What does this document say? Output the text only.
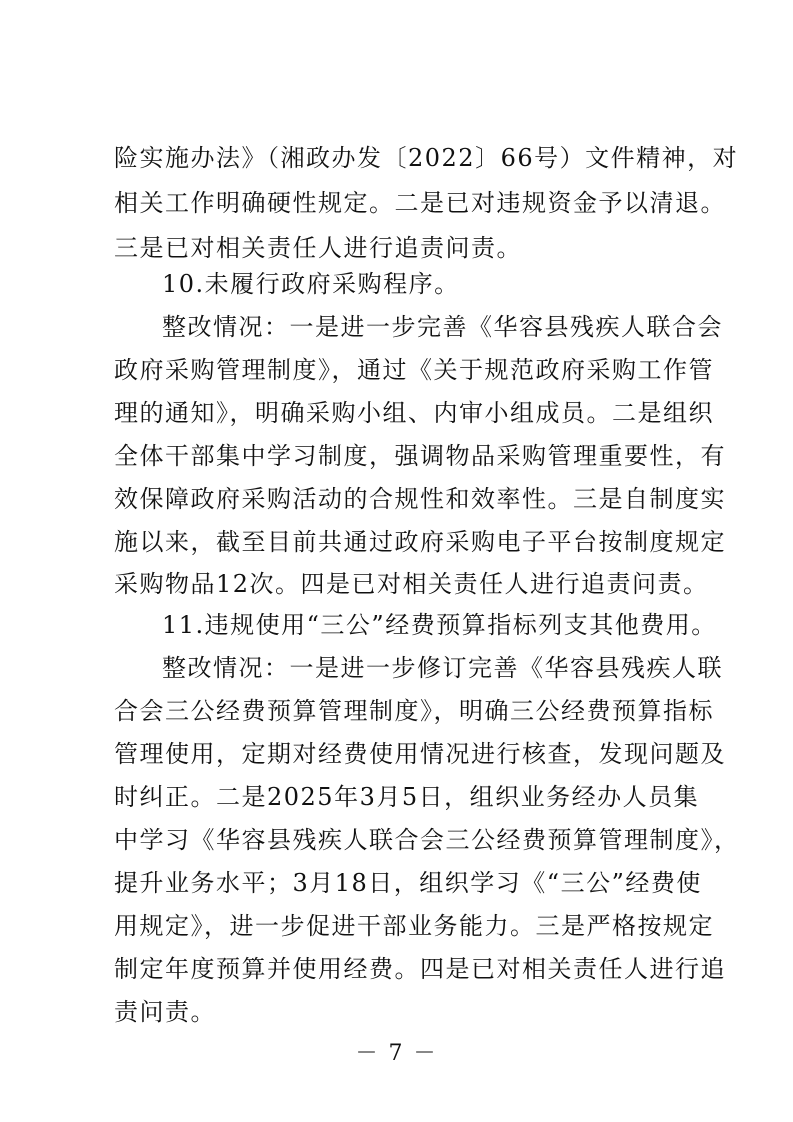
险实施办法》（湘政办发〔2022〕66号）文件精神，对
相关工作明确硬性规定。二是已对违规资金予以清退。
三是已对相关责任人进行追责问责。
10.未履行政府采购程序。
整改情况：一是进一步完善《华容县残疾人联合会
政府采购管理制度》，通过《关于规范政府采购工作管
理的通知》，明确采购小组、内审小组成员。二是组织
全体干部集中学习制度，强调物品采购管理重要性，有
效保障政府采购活动的合规性和效率性。三是自制度实
施以来，截至目前共通过政府采购电子平台按制度规定
采购物品12次。四是已对相关责任人进行追责问责。
11.违规使用“三公”经费预算指标列支其他费用。
整改情况：一是进一步修订完善《华容县残疾人联
合会三公经费预算管理制度》，明确三公经费预算指标
管理使用，定期对经费使用情况进行核查，发现问题及
时纠正。二是2025年3月5日，组织业务经办人员集
中学习《华容县残疾人联合会三公经费预算管理制度》，
提升业务水平；3月18日，组织学习《“三公”经费使
用规定》，进一步促进干部业务能力。三是严格按规定
制定年度预算并使用经费。四是已对相关责任人进行追
责问责。
－ 7 －
